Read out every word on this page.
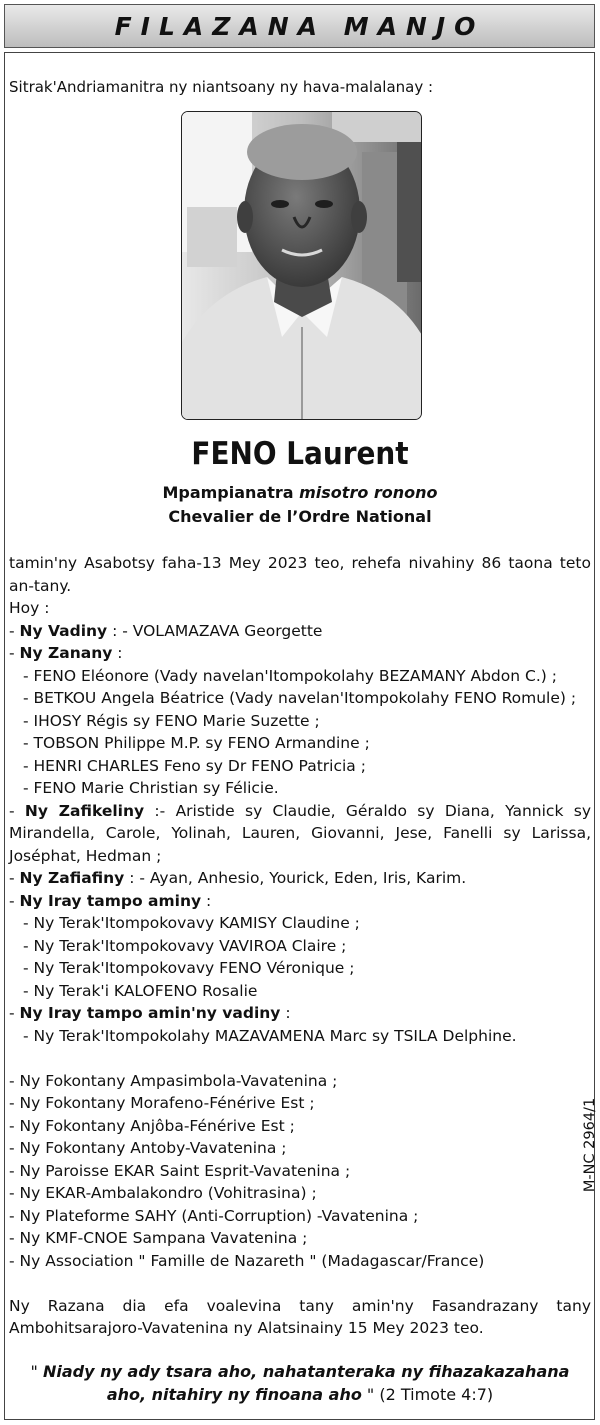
FILAZANA MANJO
Sitrak'Andriamanitra ny niantsoany ny hava-malalanay :
FENO Laurent
Mpampianatra misotro ronono
Chevalier de l’Ordre National
tamin'ny Asabotsy faha-13 Mey 2023 teo, rehefa nivahiny 86 taona teto an-tany.
Hoy :
- Ny Vadiny : - VOLAMAZAVA Georgette
- Ny Zanany :
- FENO Eléonore (Vady navelan'Itompokolahy BEZAMANY Abdon C.) ;
- BETKOU Angela Béatrice (Vady navelan'Itompokolahy FENO Romule) ;
- IHOSY Régis sy FENO Marie Suzette ;
- TOBSON Philippe M.P. sy FENO Armandine ;
- HENRI CHARLES Feno sy Dr FENO Patricia ;
- FENO Marie Christian sy Félicie.
- Ny Zafikeliny :- Aristide sy Claudie, Géraldo sy Diana, Yannick sy Mirandella, Carole, Yolinah, Lauren, Giovanni, Jese, Fanelli sy Larissa, Joséphat, Hedman ;
- Ny Zafiafiny : - Ayan, Anhesio, Yourick, Eden, Iris, Karim.
- Ny Iray tampo aminy :
- Ny Terak'Itompokovavy KAMISY Claudine ;
- Ny Terak'Itompokovavy VAVIROA Claire ;
- Ny Terak'Itompokovavy FENO Véronique ;
- Ny Terak'i KALOFENO Rosalie
- Ny Iray tampo amin'ny vadiny :
- Ny Terak'Itompokolahy MAZAVAMENA Marc sy TSILA Delphine.
- Ny Fokontany Ampasimbola-Vavatenina ;
- Ny Fokontany Morafeno-Fénérive Est ;
- Ny Fokontany Anjôba-Fénérive Est ;
- Ny Fokontany Antoby-Vavatenina ;
- Ny Paroisse EKAR Saint Esprit-Vavatenina ;
- Ny EKAR-Ambalakondro (Vohitrasina) ;
- Ny Plateforme SAHY (Anti-Corruption) -Vavatenina ;
- Ny KMF-CNOE Sampana Vavatenina ;
- Ny Association " Famille de Nazareth " (Madagascar/France)
Ny Razana dia efa voalevina tany amin'ny Fasandrazany tany Ambohitsarajoro-Vavatenina ny Alatsinainy 15 Mey 2023 teo.
M-NC 2964/1
" Niady ny ady tsara aho, nahatanteraka ny fihazakazahana aho, nitahiry ny finoana aho " (2 Timote 4:7)
